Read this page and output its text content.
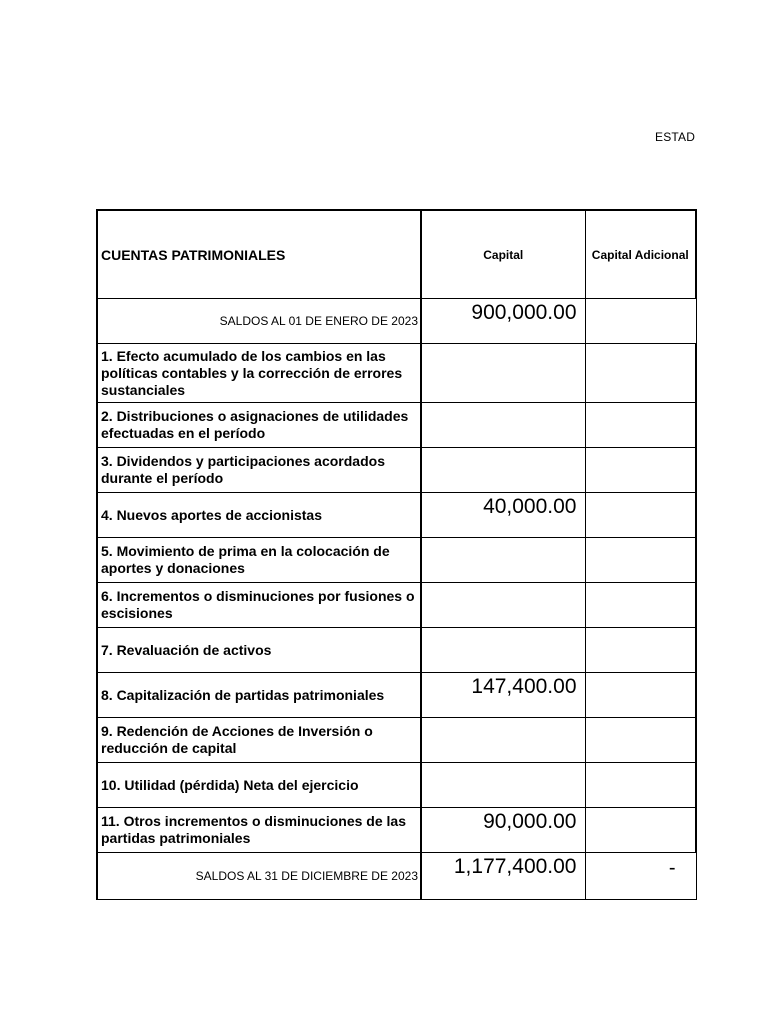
ESTAD
CUENTAS PATRIMONIALES	Capital	Capital Adicional
SALDOS AL 01 DE ENERO DE 2023	900,000.00	
1. Efecto acumulado de los cambios en las políticas contables y la corrección de errores sustanciales		
2. Distribuciones o asignaciones de utilidades efectuadas en el período		
3. Dividendos y participaciones acordados durante el período		
4. Nuevos aportes de accionistas	40,000.00	
5. Movimiento de prima en la colocación de aportes y donaciones		
6. Incrementos o disminuciones por fusiones o escisiones		
7. Revaluación de activos		
8. Capitalización de partidas patrimoniales	147,400.00	
9. Redención de Acciones de Inversión o reducción de capital		
10. Utilidad (pérdida) Neta del ejercicio		
11. Otros incrementos o disminuciones de las partidas patrimoniales	90,000.00	
SALDOS AL 31 DE DICIEMBRE DE 2023	1,177,400.00	-
